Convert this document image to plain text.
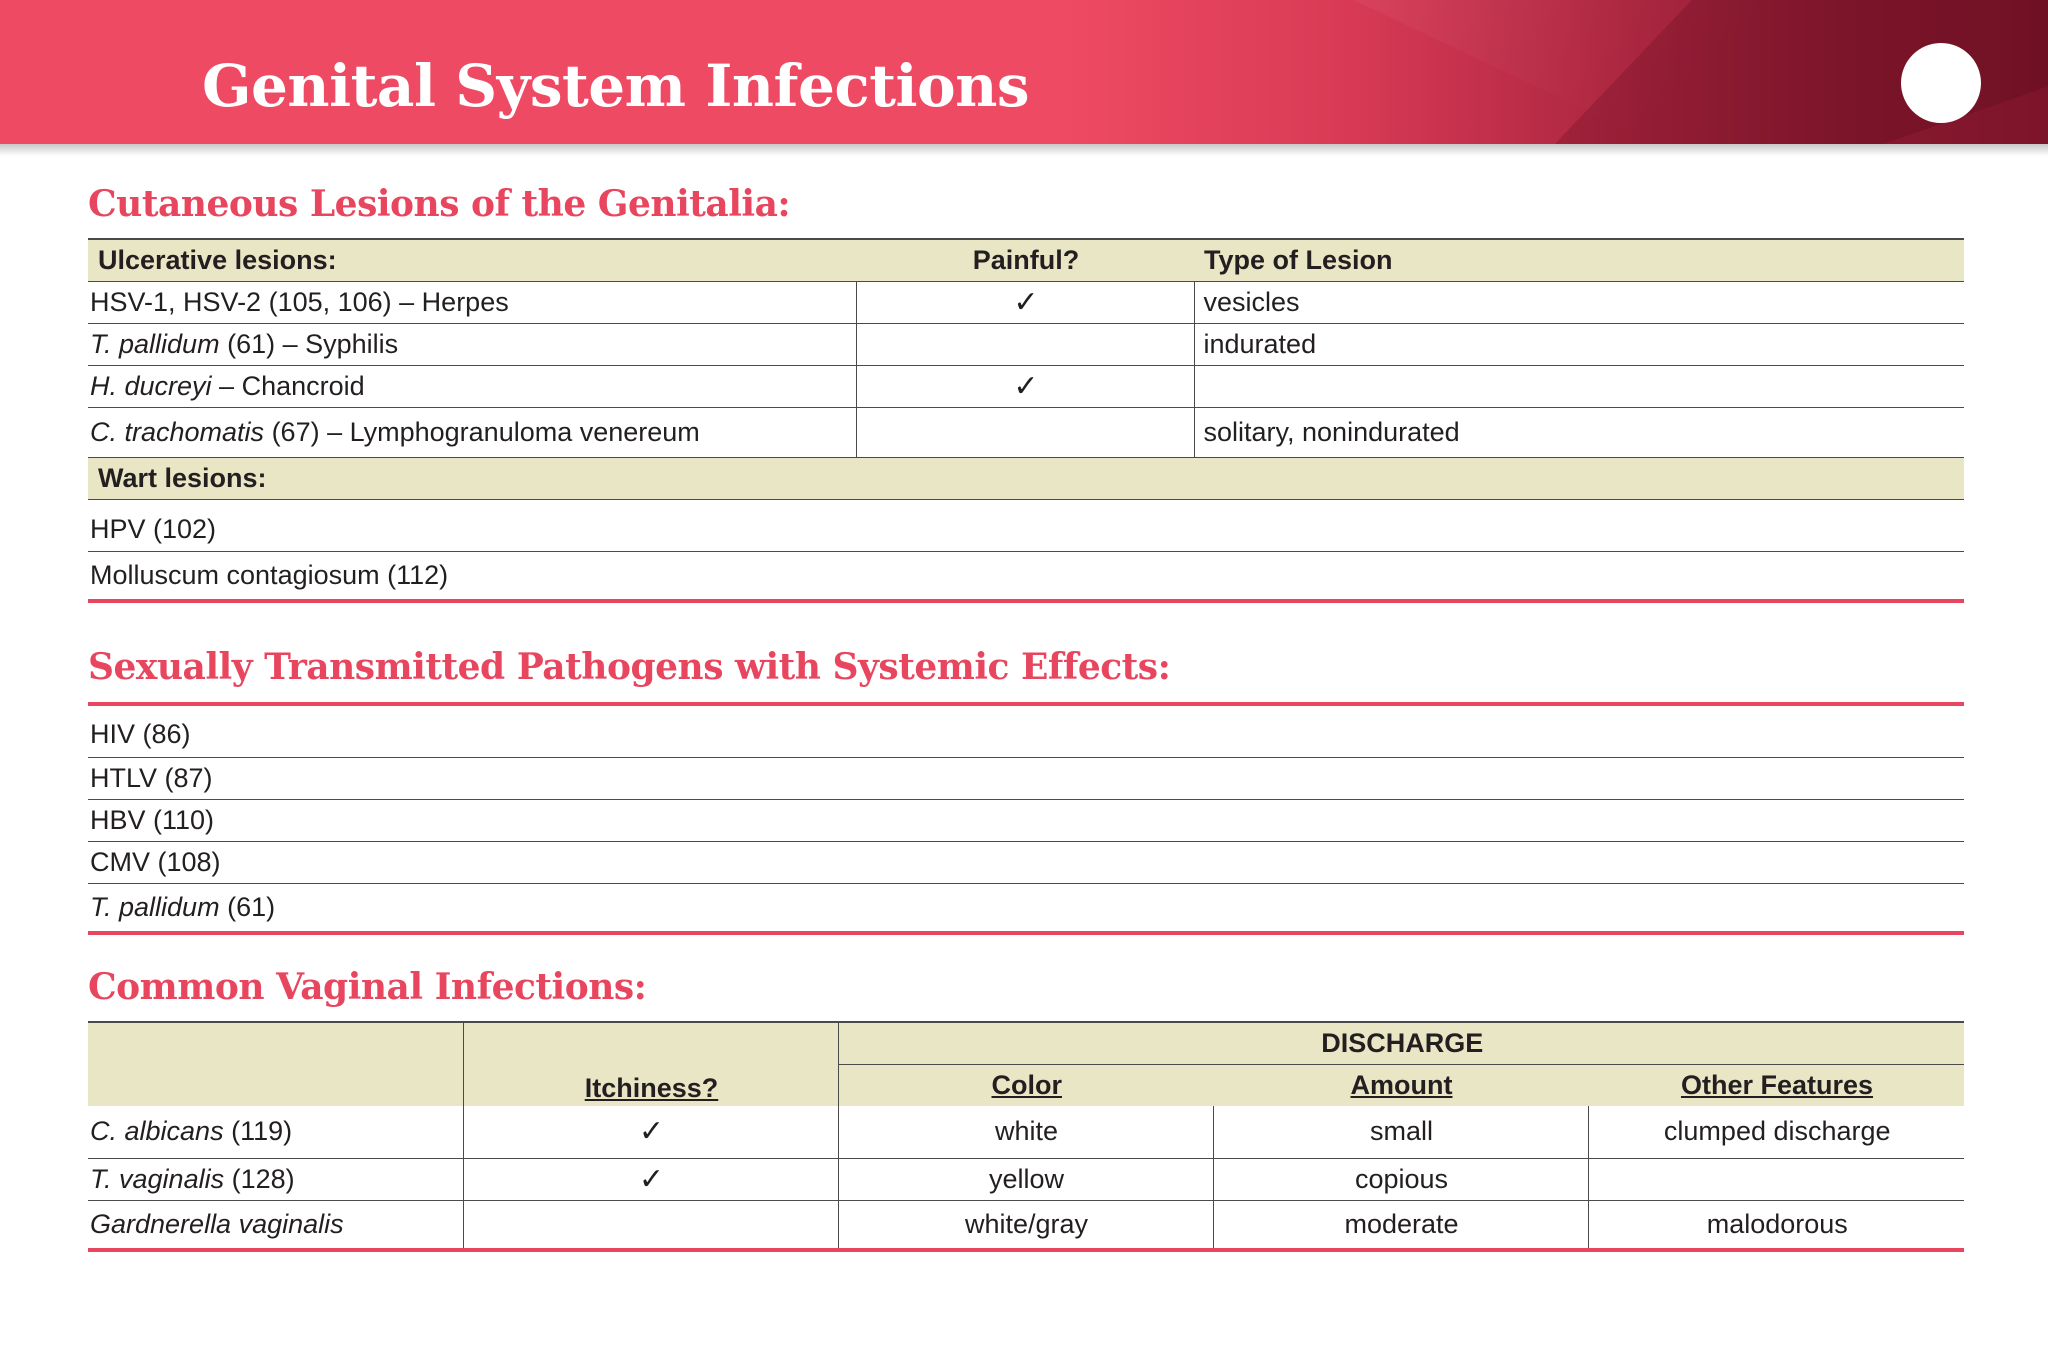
Genital System Infections
Cutaneous Lesions of the Genitalia:
Ulcerative lesions:	Painful?	Type of Lesion
HSV-1, HSV-2 (105, 106) – Herpes	✓	vesicles
T. pallidum (61) – Syphilis		indurated
H. ducreyi – Chancroid	✓	
C. trachomatis (67) – Lymphogranuloma venereum		solitary, nonindurated
Wart lesions:		
HPV (102)		
Molluscum contagiosum (112)		
Sexually Transmitted Pathogens with Systemic Effects:
HIV (86)
HTLV (87)
HBV (110)
CMV (108)
T. pallidum (61)
Common Vaginal Infections:
	Itchiness?	DISCHARGE		
		Color	Amount	Other Features
C. albicans (119)	✓	white	small	clumped discharge
T. vaginalis (128)	✓	yellow	copious	
Gardnerella vaginalis		white/gray	moderate	malodorous
